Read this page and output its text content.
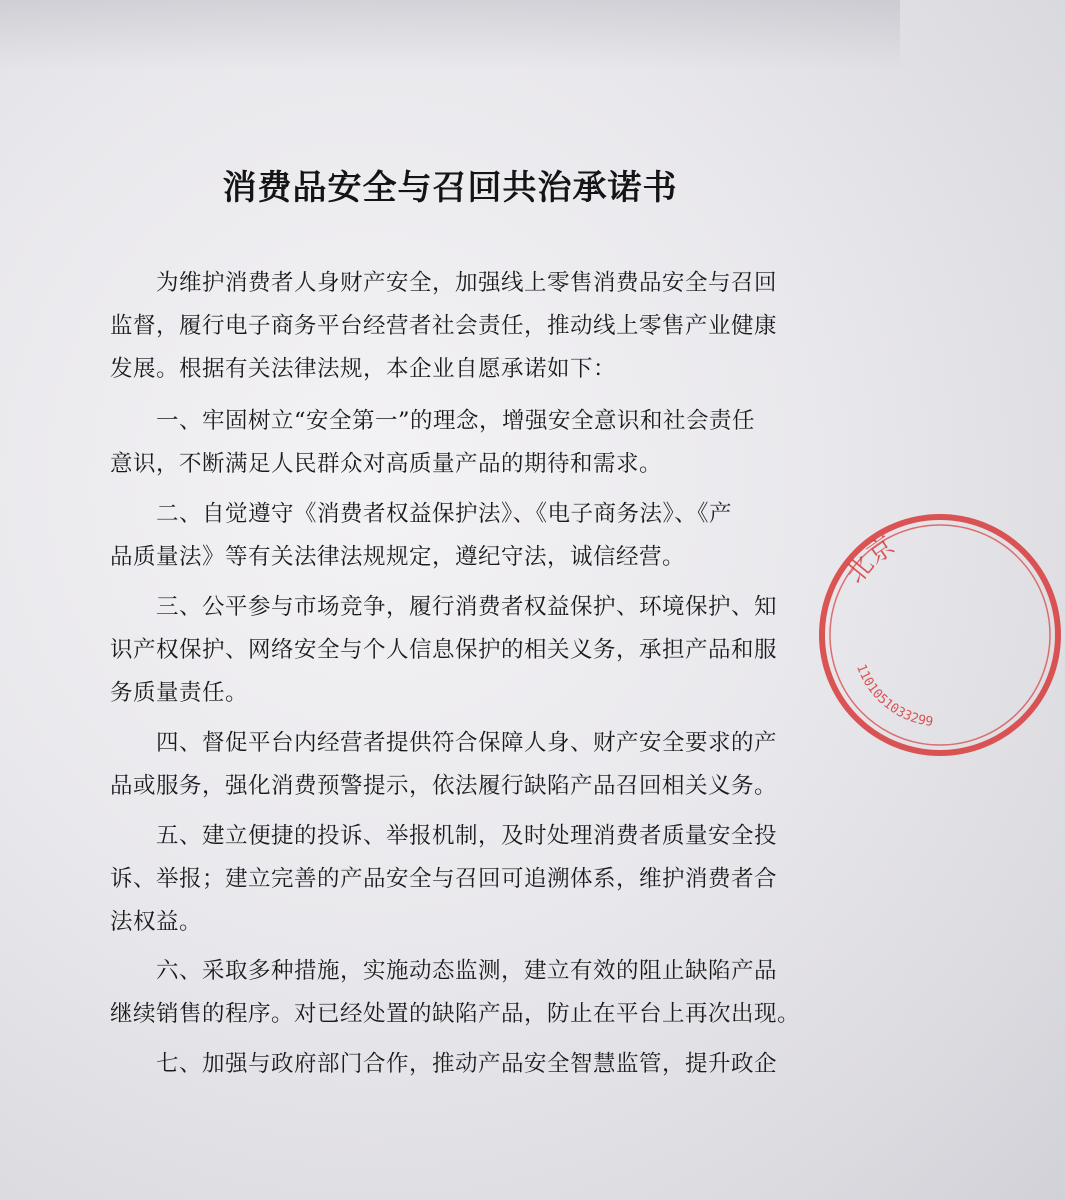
消费品安全与召回共治承诺书
　　为维护消费者人身财产安全，加强线上零售消费品安全与召回
监督，履行电子商务平台经营者社会责任，推动线上零售产业健康
发展。根据有关法律法规，本企业自愿承诺如下：
　　一、牢固树立“安全第一”的理念，增强安全意识和社会责任
意识，不断满足人民群众对高质量产品的期待和需求。
　　二、自觉遵守《消费者权益保护法》、《电子商务法》、《产
品质量法》等有关法律法规规定，遵纪守法，诚信经营。
　　三、公平参与市场竞争，履行消费者权益保护、环境保护、知
识产权保护、网络安全与个人信息保护的相关义务，承担产品和服
务质量责任。
　　四、督促平台内经营者提供符合保障人身、财产安全要求的产
品或服务，强化消费预警提示，依法履行缺陷产品召回相关义务。
　　五、建立便捷的投诉、举报机制，及时处理消费者质量安全投
诉、举报；建立完善的产品安全与召回可追溯体系，维护消费者合
法权益。
　　六、采取多种措施，实施动态监测，建立有效的阻止缺陷产品
继续销售的程序。对已经处置的缺陷产品，防止在平台上再次出现。
　　七、加强与政府部门合作，推动产品安全智慧监管，提升政企
北京
1101051033299
